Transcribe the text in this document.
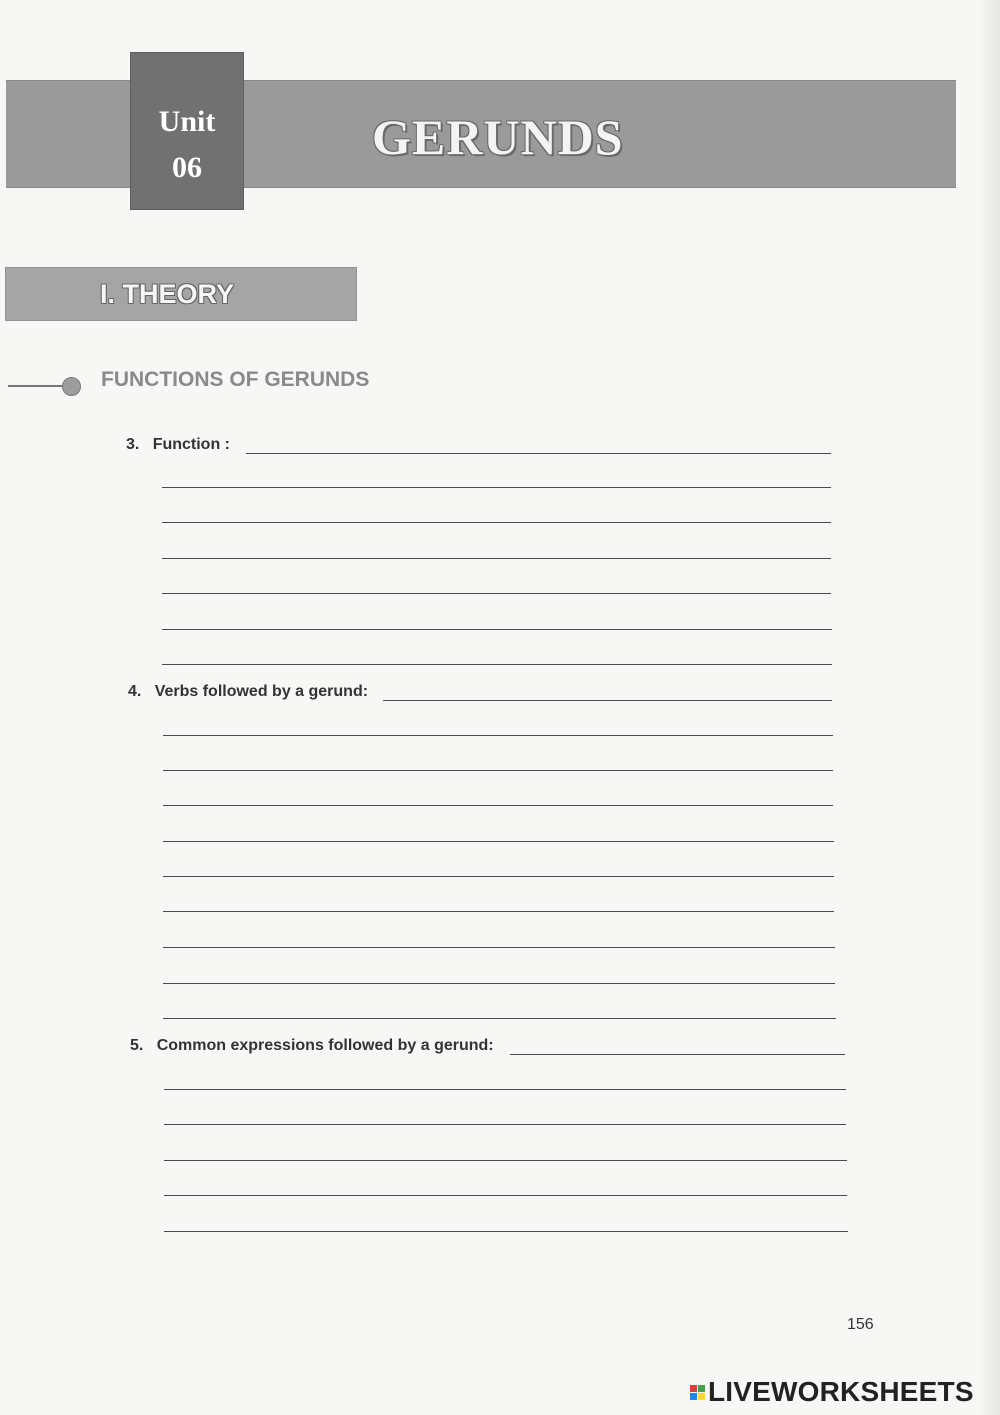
Unit
06
GERUNDS
I. THEORY
FUNCTIONS OF GERUNDS

3. Function :

4. Verbs followed by a gerund:

5. Common expressions followed by a gerund:

156
LIVEWORKSHEETS
